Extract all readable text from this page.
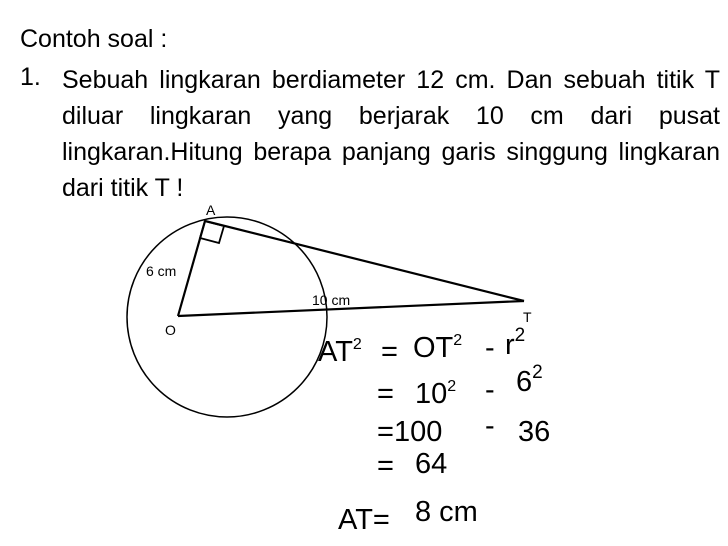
Contoh soal :
1. Sebuah lingkaran berdiameter 12 cm. Dan sebuah titik T diluar lingkaran yang berjarak 10 cm dari pusat lingkaran.Hitung berapa panjang garis singgung lingkaran dari titik T !
A
6 cm
10 cm
T
O
$AT^2 = OT^2 - r^2$
= $10^2 - 6^2$
= 100 - 36
= 64
AT= 8 cm
